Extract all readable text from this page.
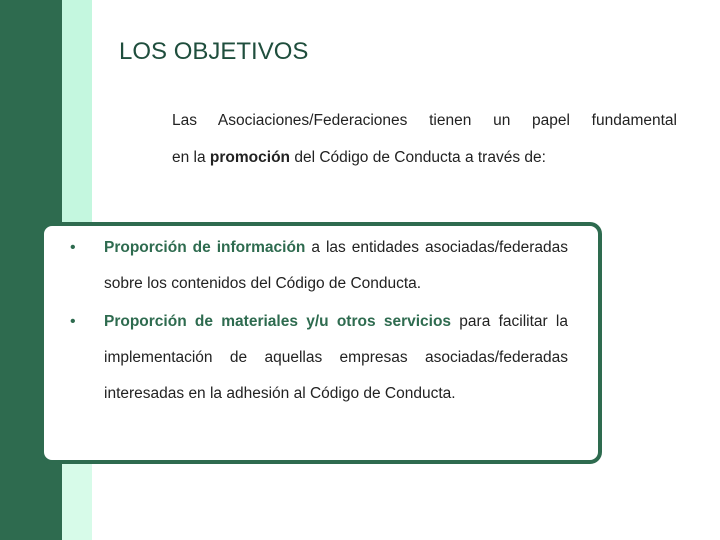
LOS OBJETIVOS
Las Asociaciones/Federaciones tienen un papel fundamental
en la promoción del Código de Conducta a través de:
• Proporción de información a las entidades asociadas/federadas sobre los contenidos del Código de Conducta.
• Proporción de materiales y/u otros servicios para facilitar la implementación de aquellas empresas asociadas/federadas interesadas en la adhesión al Código de Conducta.
